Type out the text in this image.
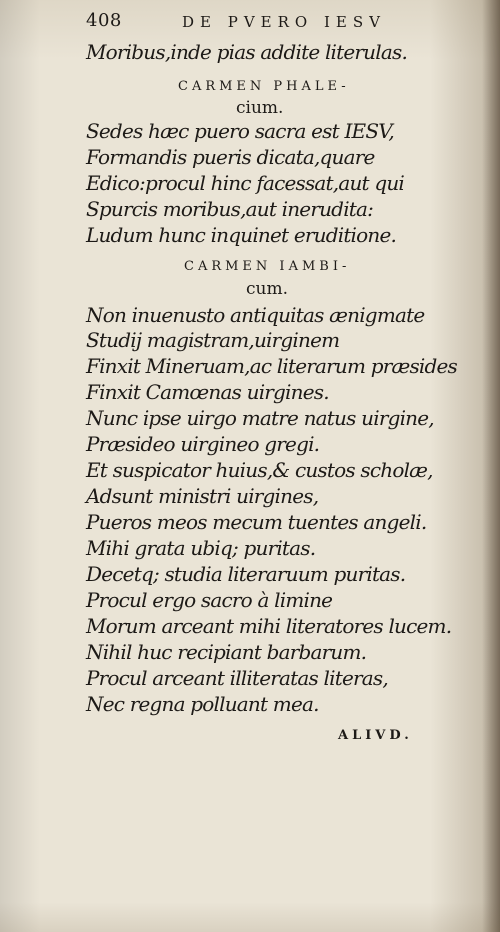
408	DE PVERO IESV
Moribus,inde pias addite literulas.
CARMEN PHALE-
cium.
Sedes hæc puero sacra est IESV,
Formandis pueris dicata,quare
Edico:procul hinc facessat,aut qui
Spurcis moribus,aut inerudita:
Ludum hunc inquinet eruditione.
CARMEN IAMBI-
cum.
Non inuenusto antiquitas ænigmate
Studij magistram,uirginem
Finxit Mineruam,ac literarum præsides
Finxit Camœnas uirgines.
Nunc ipse uirgo matre natus uirgine,
Præsideo uirgineo gregi.
Et suspicator huius,& custos scholæ,
Adsunt ministri uirgines,
Pueros meos mecum tuentes angeli.
Mihi grata ubiq; puritas.
Decetq; studia literaruum puritas.
Procul ergo sacro à limine
Morum arceant mihi literatores lucem.
Nihil huc recipiant barbarum.
Procul arceant illiteratas literas,
Nec regna polluant mea.
ALIVD.
